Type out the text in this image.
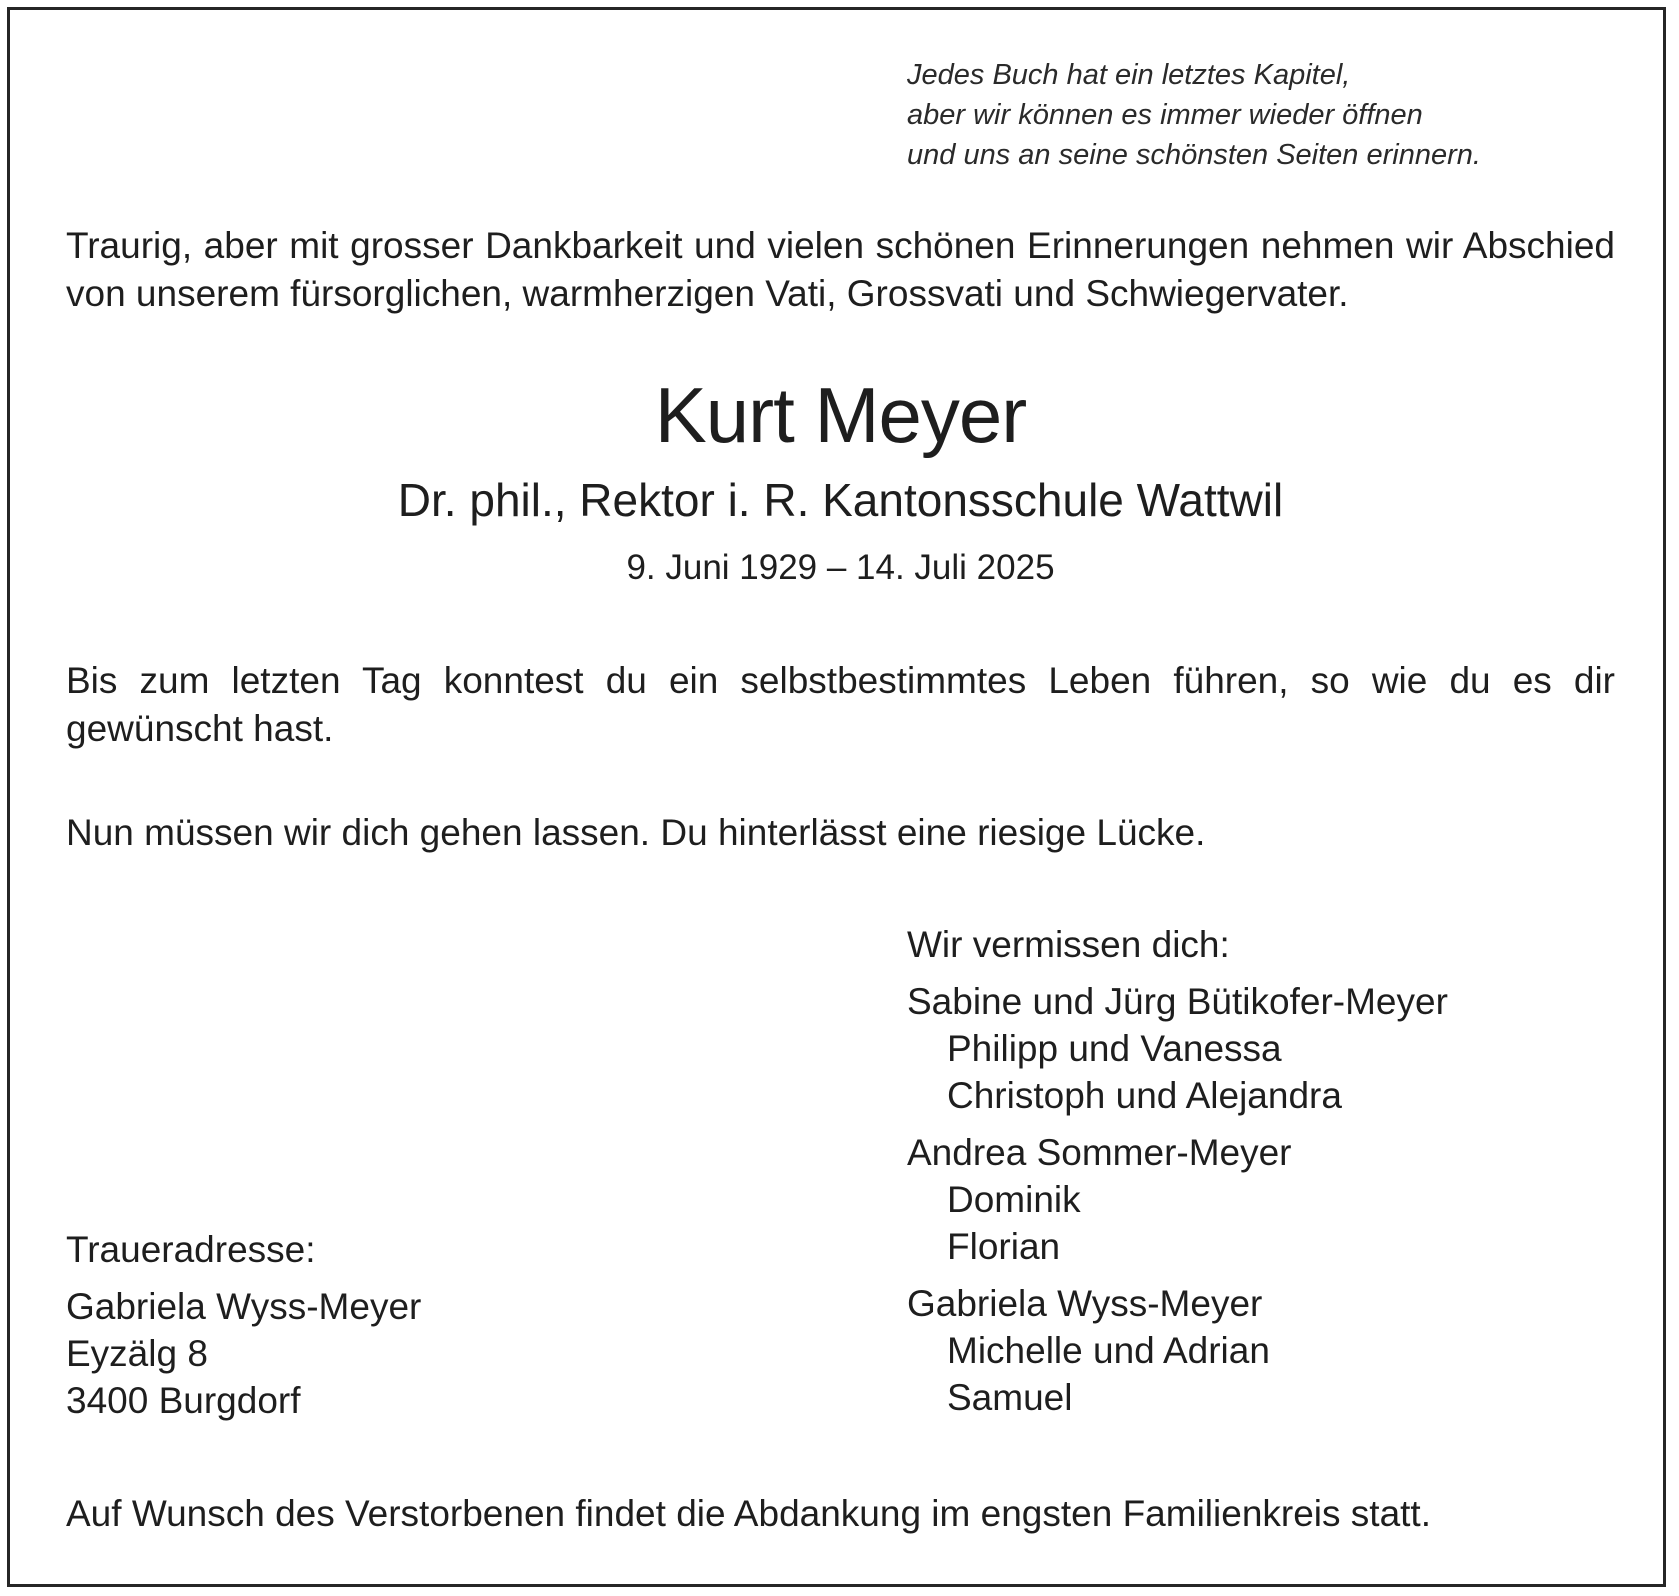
Jedes Buch hat ein letztes Kapitel,
aber wir können es immer wieder öffnen
und uns an seine schönsten Seiten erinnern.
Traurig, aber mit grosser Dankbarkeit und vielen schönen Erinnerungen nehmen wir Abschied von unserem fürsorglichen, warmherzigen Vati, Grossvati und Schwiegervater.
Kurt Meyer
Dr. phil., Rektor i. R. Kantonsschule Wattwil
9. Juni 1929 – 14. Juli 2025
Bis zum letzten Tag konntest du ein selbstbestimmtes Leben führen, so wie du es dir gewünscht hast.
Nun müssen wir dich gehen lassen. Du hinterlässt eine riesige Lücke.
Wir vermissen dich:
Sabine und Jürg Bütikofer-Meyer
Philipp und Vanessa
Christoph und Alejandra
Andrea Sommer-Meyer
Dominik
Florian
Gabriela Wyss-Meyer
Michelle und Adrian
Samuel
Traueradresse:
Gabriela Wyss-Meyer
Eyzälg 8
3400 Burgdorf
Auf Wunsch des Verstorbenen findet die Abdankung im engsten Familienkreis statt.
